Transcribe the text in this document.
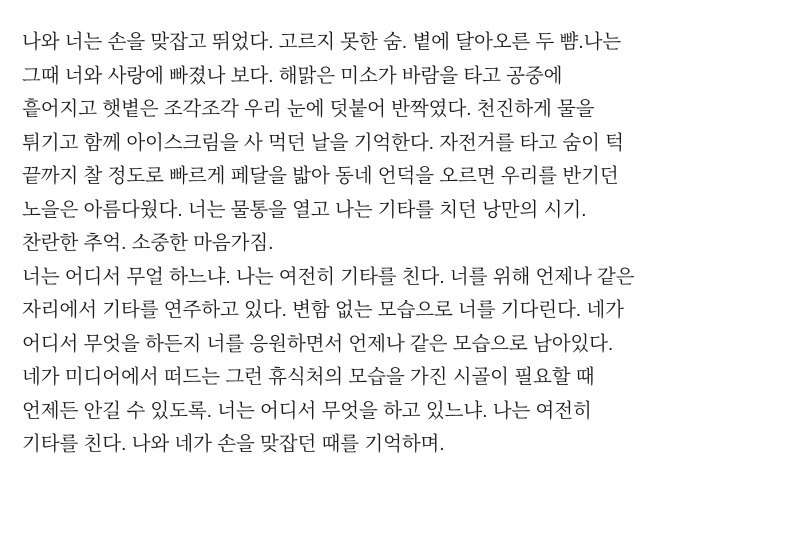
나와 너는 손을 맞잡고 뛰었다. 고르지 못한 숨. 볕에 달아오른 두 뺨.나는
그때 너와 사랑에 빠졌나 보다. 해맑은 미소가 바람을 타고 공중에
흩어지고 햇볕은 조각조각 우리 눈에 덧붙어 반짝였다. 천진하게 물을
튀기고 함께 아이스크림을 사 먹던 날을 기억한다. 자전거를 타고 숨이 턱
끝까지 찰 정도로 빠르게 페달을 밟아 동네 언덕을 오르면 우리를 반기던
노을은 아름다웠다. 너는 물통을 열고 나는 기타를 치던 낭만의 시기.
찬란한 추억. 소중한 마음가짐.

너는 어디서 무얼 하느냐. 나는 여전히 기타를 친다. 너를 위해 언제나 같은
자리에서 기타를 연주하고 있다. 변함 없는 모습으로 너를 기다린다. 네가
어디서 무엇을 하든지 너를 응원하면서 언제나 같은 모습으로 남아있다.
네가 미디어에서 떠드는 그런 휴식처의 모습을 가진 시골이 필요할 때
언제든 안길 수 있도록. 너는 어디서 무엇을 하고 있느냐. 나는 여전히
기타를 친다. 나와 네가 손을 맞잡던 때를 기억하며.
